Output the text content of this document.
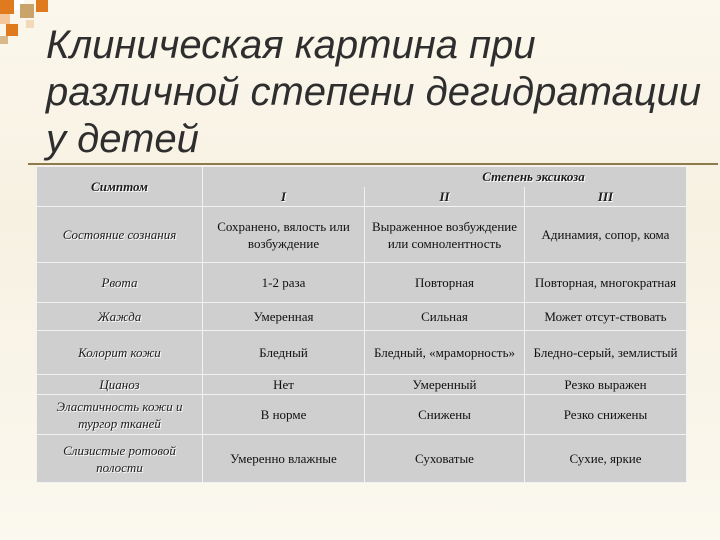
Клиническая картина при различной степени дегидратации у детей
Симптом	Степень эксикоза		
	I	II	III
Состояние сознания	Сохранено, вялость или возбуждение	Выраженное возбуждение или сомнолентность	Адинамия, сопор, кома
Рвота	1-2 раза	Повторная	Повторная, многократная
Жажда	Умеренная	Сильная	Может отсут-ствовать
Колорит кожи	Бледный	Бледный, «мраморность»	Бледно-серый, землистый
Цианоз	Нет	Умеренный	Резко выражен
Эластичность кожи и тургор тканей	В норме	Снижены	Резко снижены
Слизистые ротовой полости	Умеренно влажные	Суховатые	Сухие, яркие
